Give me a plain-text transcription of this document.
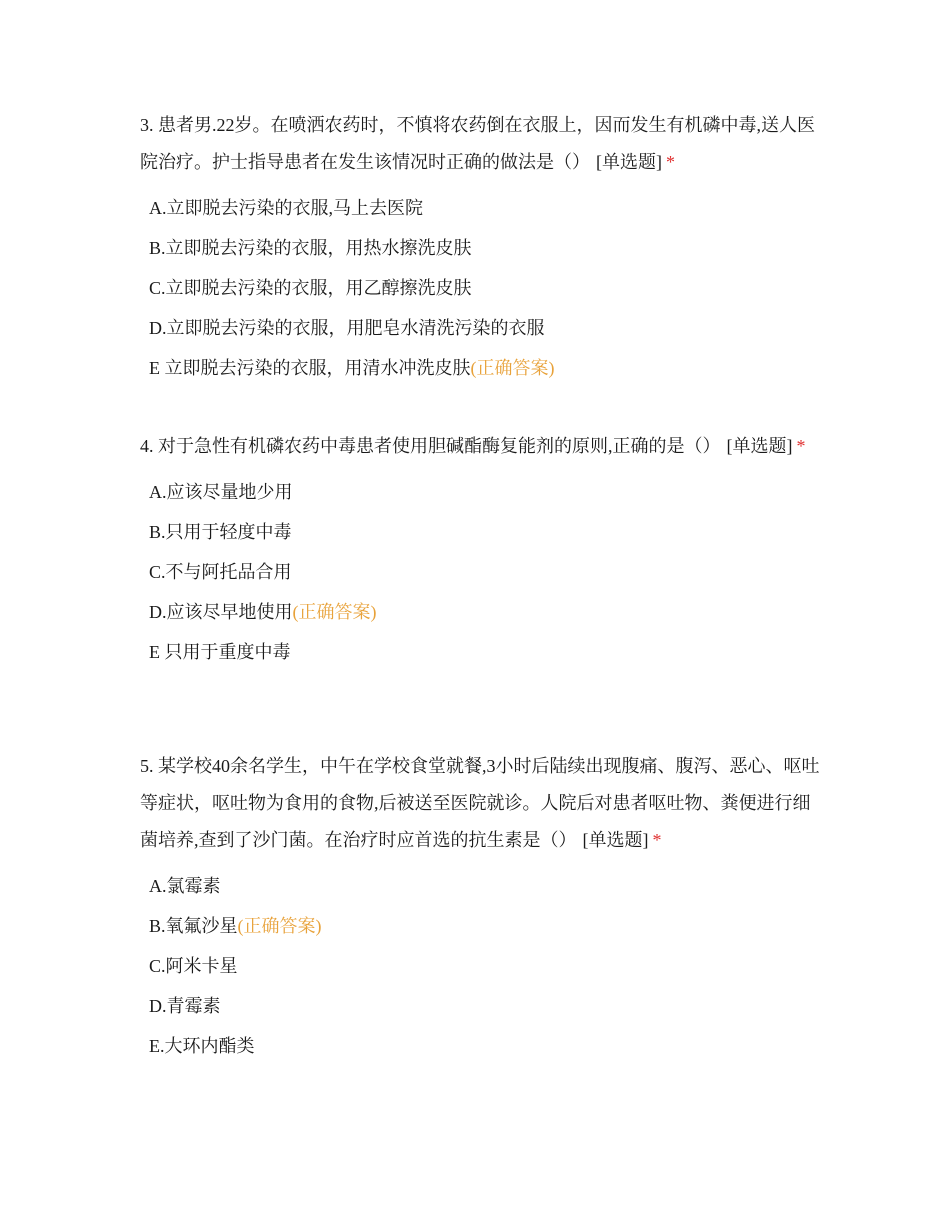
3. 患者男.22岁。在喷洒农药时，不慎将农药倒在衣服上，因而发生有机磷中毒,送人医院治疗。护士指导患者在发生该情况时正确的做法是（） [单选题] *

A.立即脱去污染的衣服,马上去医院
B.立即脱去污染的衣服，用热水擦洗皮肤
C.立即脱去污染的衣服，用乙醇擦洗皮肤
D.立即脱去污染的衣服，用肥皂水清洗污染的衣服
E 立即脱去污染的衣服，用清水冲洗皮肤(正确答案)

4. 对于急性有机磷农药中毒患者使用胆碱酯酶复能剂的原则,正确的是（） [单选题] *

A.应该尽量地少用
B.只用于轻度中毒
C.不与阿托品合用
D.应该尽早地使用(正确答案)
E 只用于重度中毒

5. 某学校40余名学生，中午在学校食堂就餐,3小时后陆续出现腹痛、腹泻、恶心、呕吐等症状，呕吐物为食用的食物,后被送至医院就诊。人院后对患者呕吐物、粪便进行细菌培养,查到了沙门菌。在治疗时应首选的抗生素是（） [单选题] *

A.氯霉素
B.氧氟沙星(正确答案)
C.阿米卡星
D.青霉素
E.大环内酯类
